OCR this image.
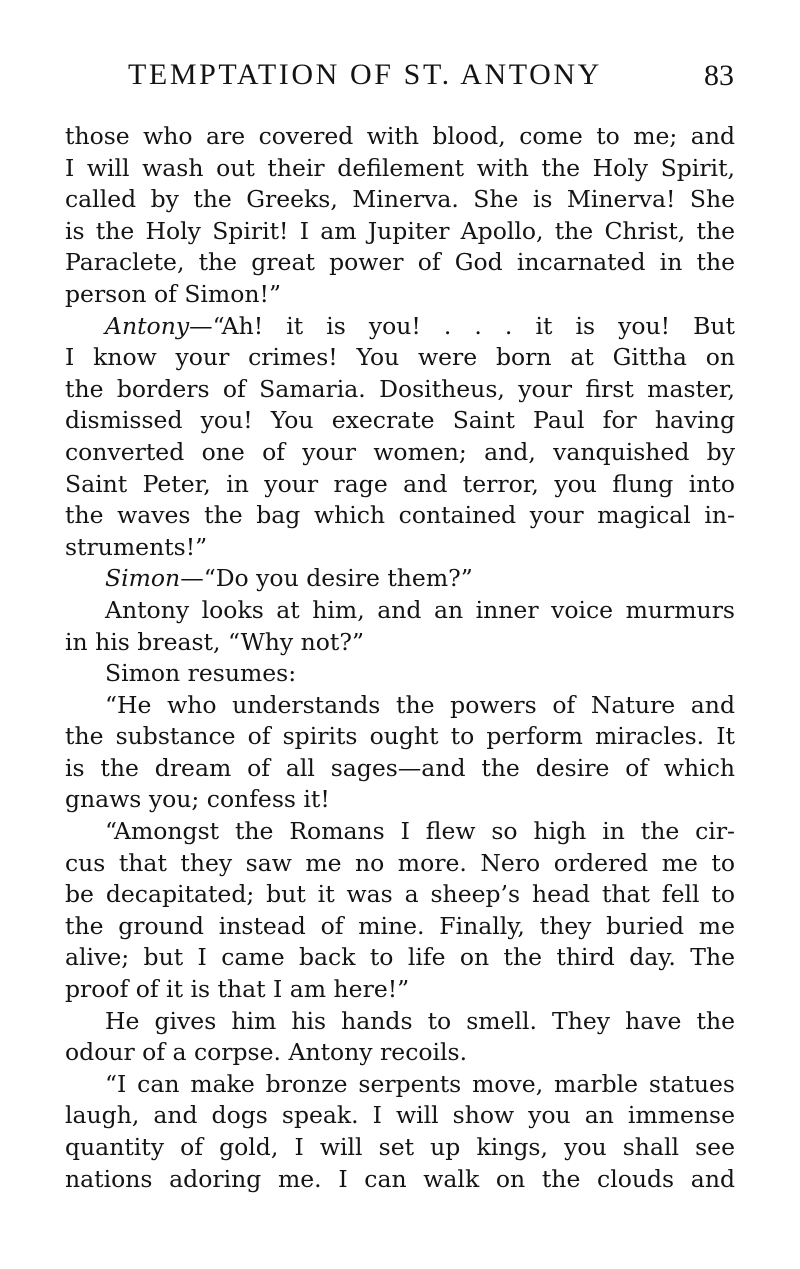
TEMPTATION OF ST. ANTONY	83
those who are covered with blood, come to me; and
I will wash out their defilement with the Holy Spirit,
called by the Greeks, Minerva. She is Minerva! She
is the Holy Spirit! I am Jupiter Apollo, the Christ, the
Paraclete, the great power of God incarnated in the
person of Simon!”
Antony—“Ah! it is you! . . . it is you! But
I know your crimes! You were born at Gittha on
the borders of Samaria. Dositheus, your first master,
dismissed you! You execrate Saint Paul for having
converted one of your women; and, vanquished by
Saint Peter, in your rage and terror, you flung into
the waves the bag which contained your magical in-
struments!”
Simon—“Do you desire them?”
Antony looks at him, and an inner voice murmurs
in his breast, “Why not?”
Simon resumes:
“He who understands the powers of Nature and
the substance of spirits ought to perform miracles. It
is the dream of all sages—and the desire of which
gnaws you; confess it!
“Amongst the Romans I flew so high in the cir-
cus that they saw me no more. Nero ordered me to
be decapitated; but it was a sheep’s head that fell to
the ground instead of mine. Finally, they buried me
alive; but I came back to life on the third day. The
proof of it is that I am here!”
He gives him his hands to smell. They have the
odour of a corpse. Antony recoils.
“I can make bronze serpents move, marble statues
laugh, and dogs speak. I will show you an immense
quantity of gold, I will set up kings, you shall see
nations adoring me. I can walk on the clouds and
